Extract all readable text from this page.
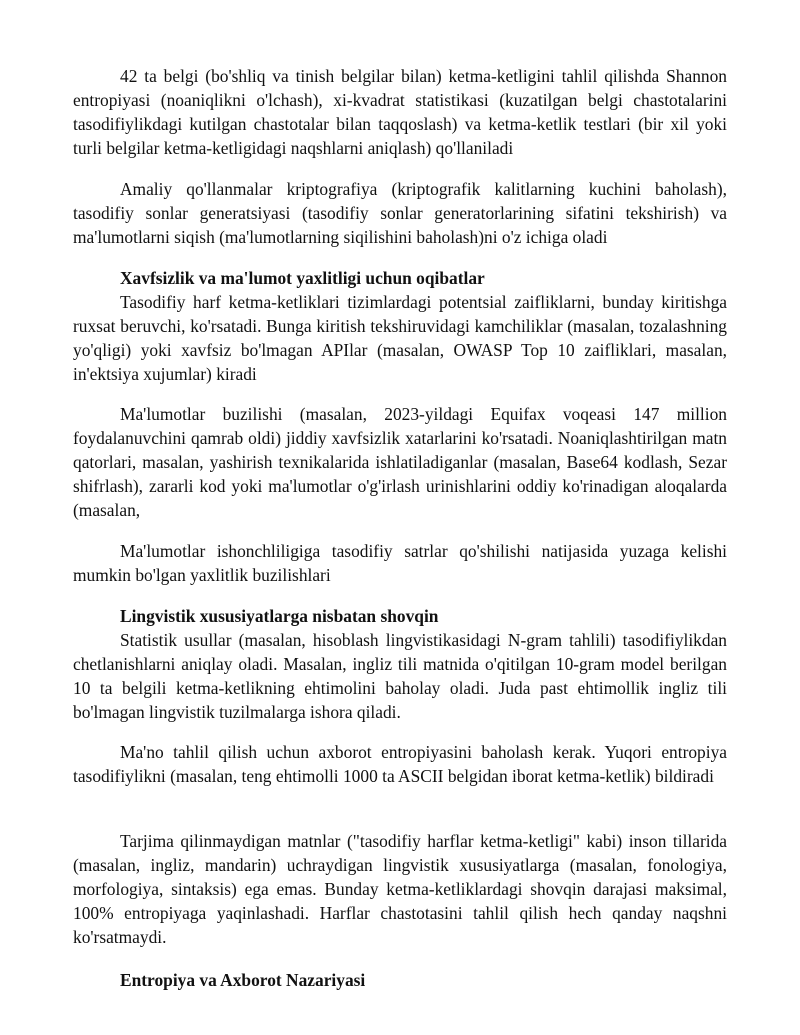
42 ta belgi (bo'shliq va tinish belgilar bilan) ketma-ketligini tahlil qilishda Shannon entropiyasi (noaniqlikni o'lchash), xi-kvadrat statistikasi (kuzatilgan belgi chastotalarini tasodifiylikdagi kutilgan chastotalar bilan taqqoslash) va ketma-ketlik testlari (bir xil yoki turli belgilar ketma-ketligidagi naqshlarni aniqlash) qo'llaniladi

Amaliy qo'llanmalar kriptografiya (kriptografik kalitlarning kuchini baholash), tasodifiy sonlar generatsiyasi (tasodifiy sonlar generatorlarining sifatini tekshirish) va ma'lumotlarni siqish (ma'lumotlarning siqilishini baholash)ni o'z ichiga oladi

Xavfsizlik va ma'lumot yaxlitligi uchun oqibatlar

Tasodifiy harf ketma-ketliklari tizimlardagi potentsial zaifliklarni, bunday kiritishga ruxsat beruvchi, ko'rsatadi. Bunga kiritish tekshiruvidagi kamchiliklar (masalan, tozalashning yo'qligi) yoki xavfsiz bo'lmagan APIlar (masalan, OWASP Top 10 zaifliklari, masalan, in'ektsiya xujumlar) kiradi

Ma'lumotlar buzilishi (masalan, 2023-yildagi Equifax voqeasi 147 million foydalanuvchini qamrab oldi) jiddiy xavfsizlik xatarlarini ko'rsatadi. Noaniqlashtirilgan matn qatorlari, masalan, yashirish texnikalarida ishlatiladiganlar (masalan, Base64 kodlash, Sezar shifrlash), zararli kod yoki ma'lumotlar o'g'irlash urinishlarini oddiy ko'rinadigan aloqalarda (masalan,

Ma'lumotlar ishonchliligiga tasodifiy satrlar qo'shilishi natijasida yuzaga kelishi mumkin bo'lgan yaxlitlik buzilishlari

Lingvistik xususiyatlarga nisbatan shovqin

Statistik usullar (masalan, hisoblash lingvistikasidagi N-gram tahlili) tasodifiylikdan chetlanishlarni aniqlay oladi. Masalan, ingliz tili matnida o'qitilgan 10-gram model berilgan 10 ta belgili ketma-ketlikning ehtimolini baholay oladi. Juda past ehtimollik ingliz tili bo'lmagan lingvistik tuzilmalarga ishora qiladi.

Ma'no tahlil qilish uchun axborot entropiyasini baholash kerak. Yuqori entropiya tasodifiylikni (masalan, teng ehtimolli 1000 ta ASCII belgidan iborat ketma-ketlik) bildiradi

Tarjima qilinmaydigan matnlar ("tasodifiy harflar ketma-ketligi" kabi) inson tillarida (masalan, ingliz, mandarin) uchraydigan lingvistik xususiyatlarga (masalan, fonologiya, morfologiya, sintaksis) ega emas. Bunday ketma-ketliklardagi shovqin darajasi maksimal, 100% entropiyaga yaqinlashadi. Harflar chastotasini tahlil qilish hech qanday naqshni ko'rsatmaydi.

Entropiya va Axborot Nazariyasi
